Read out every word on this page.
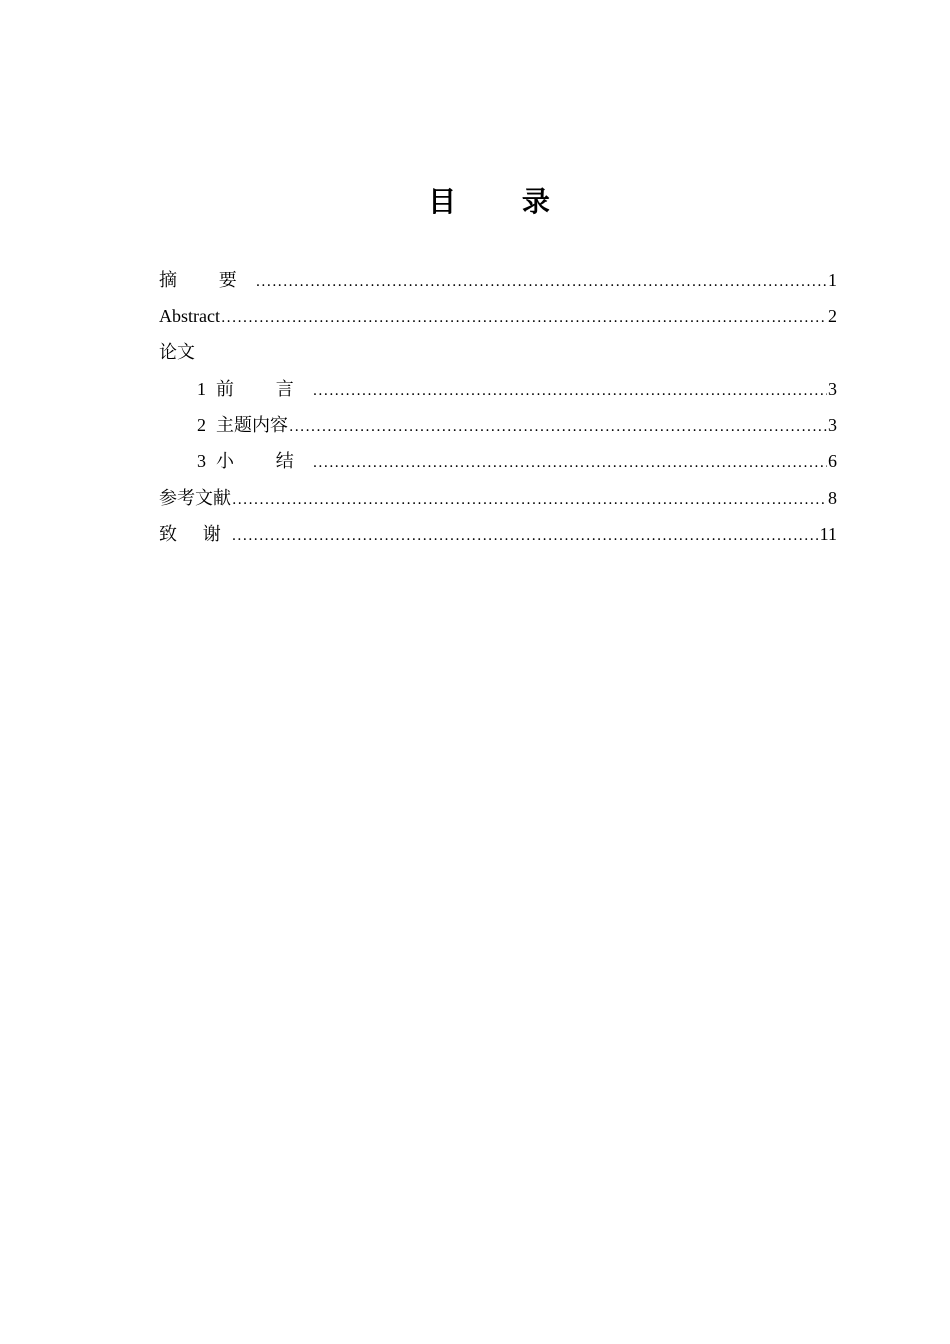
目 录
摘 要 .....	1
Abstract .....	2
论文
1 前 言 .....	3
2 主题内容 .....	3
3 小 结 .....	6
参考文献 .....	8
致 谢 .....	11
